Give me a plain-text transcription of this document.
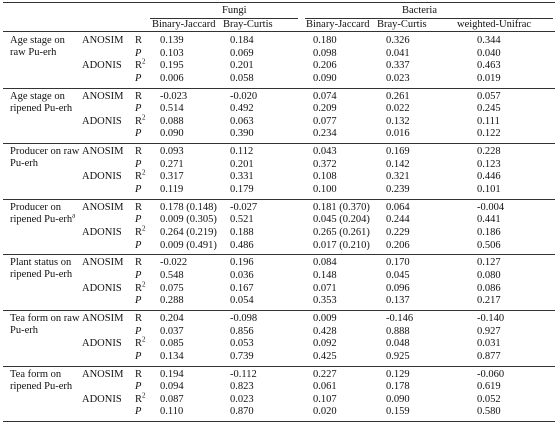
Fungi	Bacteria
Binary-Jaccard Bray-Curtis	Binary-Jaccard Bray-Curtis	weighted-Unifrac
Age stage on raw Pu-erh
ANOSIM R 0.139	0.184	0.180	0.326	0.344
P 0.103	0.069	0.098	0.041	0.040
ADONIS $R^2$ 0.195	0.201	0.206	0.337	0.463
P 0.006	0.058	0.090	0.023	0.019
Age stage on ripened Pu-erh
ANOSIM R -0.023	-0.020	0.074	0.261	0.057
P 0.514	0.492	0.209	0.022	0.245
ADONIS $R^2$ 0.088	0.063	0.077	0.132	0.111
P 0.090	0.390	0.234	0.016	0.122
Producer on raw Pu-erh
ANOSIM R 0.093	0.112	0.043	0.169	0.228
P 0.271	0.201	0.372	0.142	0.123
ADONIS $R^2$ 0.317	0.331	0.108	0.321	0.446
P 0.119	0.179	0.100	0.239	0.101
Producer on ripened Pu-erh$^a$
ANOSIM R 0.178 (0.148) -0.027	0.181 (0.370) 0.064	-0.004
P 0.009 (0.305) 0.521	0.045 (0.204) 0.244	0.441
ADONIS $R^2$ 0.264 (0.219) 0.188	0.265 (0.261) 0.229	0.186
P 0.009 (0.491) 0.486	0.017 (0.210) 0.206	0.506
Plant status on ripened Pu-erh
ANOSIM R -0.022	0.196	0.084	0.170	0.127
P 0.548	0.036	0.148	0.045	0.080
ADONIS $R^2$ 0.075	0.167	0.071	0.096	0.086
P 0.288	0.054	0.353	0.137	0.217
Tea form on raw Pu-erh
ANOSIM R 0.204	-0.098	0.009	-0.146	-0.140
P 0.037	0.856	0.428	0.888	0.927
ADONIS $R^2$ 0.085	0.053	0.092	0.048	0.031
P 0.134	0.739	0.425	0.925	0.877
Tea form on ripened Pu-erh
ANOSIM R 0.194	-0.112	0.227	0.129	-0.060
P 0.094	0.823	0.061	0.178	0.619
ADONIS $R^2$ 0.087	0.023	0.107	0.090	0.052
P 0.110	0.870	0.020	0.159	0.580
